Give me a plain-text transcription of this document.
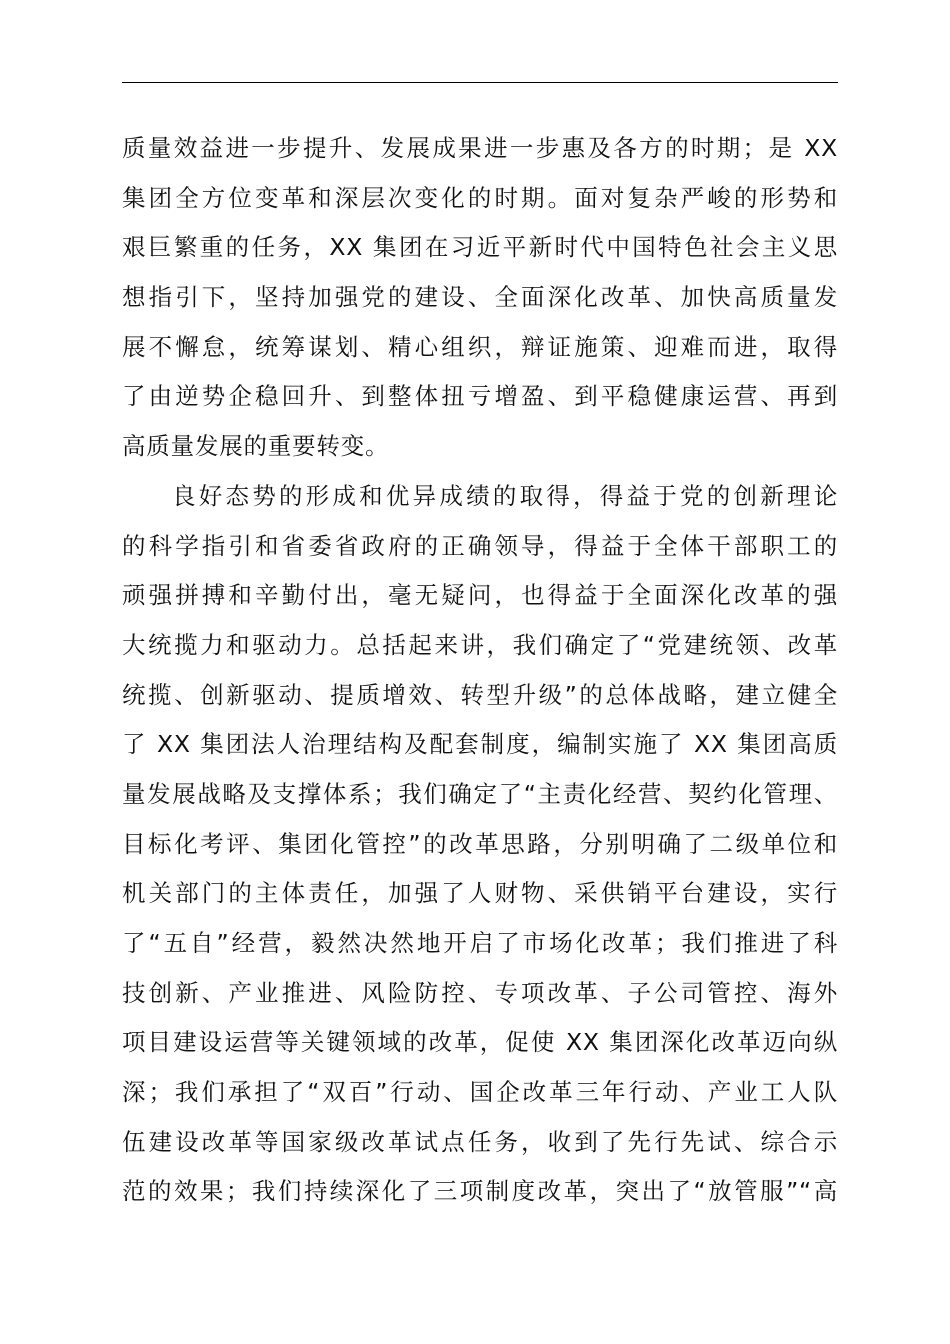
质量效益进一步提升、发展成果进一步惠及各方的时期；是 XX
集团全方位变革和深层次变化的时期。面对复杂严峻的形势和
艰巨繁重的任务，XX 集团在习近平新时代中国特色社会主义思
想指引下，坚持加强党的建设、全面深化改革、加快高质量发
展不懈怠，统筹谋划、精心组织，辩证施策、迎难而进，取得
了由逆势企稳回升、到整体扭亏增盈、到平稳健康运营、再到
高质量发展的重要转变。
良好态势的形成和优异成绩的取得，得益于党的创新理论
的科学指引和省委省政府的正确领导，得益于全体干部职工的
顽强拼搏和辛勤付出，毫无疑问，也得益于全面深化改革的强
大统揽力和驱动力。总括起来讲，我们确定了“党建统领、改革
统揽、创新驱动、提质增效、转型升级”的总体战略，建立健全
了 XX 集团法人治理结构及配套制度，编制实施了 XX 集团高质
量发展战略及支撑体系；我们确定了“主责化经营、契约化管理、
目标化考评、集团化管控”的改革思路，分别明确了二级单位和
机关部门的主体责任，加强了人财物、采供销平台建设，实行
了“五自”经营，毅然决然地开启了市场化改革；我们推进了科
技创新、产业推进、风险防控、专项改革、子公司管控、海外
项目建设运营等关键领域的改革，促使 XX 集团深化改革迈向纵
深；我们承担了“双百”行动、国企改革三年行动、产业工人队
伍建设改革等国家级改革试点任务，收到了先行先试、综合示
范的效果；我们持续深化了三项制度改革，突出了“放管服”“高
